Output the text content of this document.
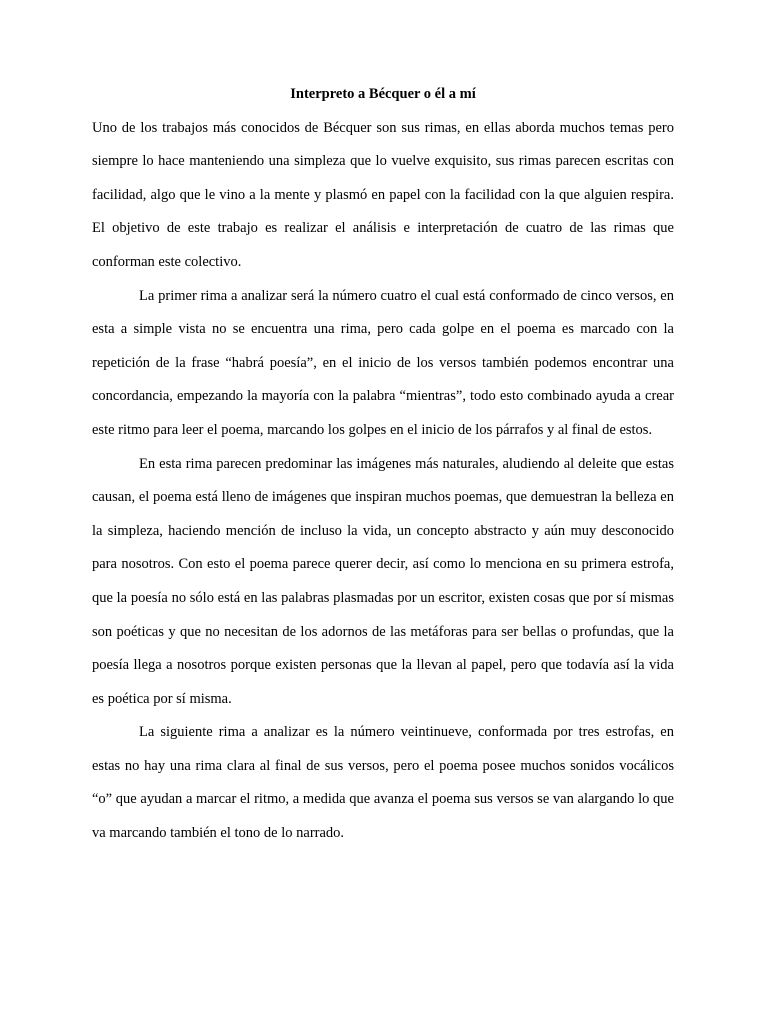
Interpreto a Bécquer o él a mí

Uno de los trabajos más conocidos de Bécquer son sus rimas, en ellas aborda muchos temas pero siempre lo hace manteniendo una simpleza que lo vuelve exquisito, sus rimas parecen escritas con facilidad, algo que le vino a la mente y plasmó en papel con la facilidad con la que alguien respira. El objetivo de este trabajo es realizar el análisis e interpretación de cuatro de las rimas que conforman este colectivo.

La primer rima a analizar será la número cuatro el cual está conformado de cinco versos, en esta a simple vista no se encuentra una rima, pero cada golpe en el poema es marcado con la repetición de la frase “habrá poesía”, en el inicio de los versos también podemos encontrar una concordancia, empezando la mayoría con la palabra “mientras”, todo esto combinado ayuda a crear este ritmo para leer el poema, marcando los golpes en el inicio de los párrafos y al final de estos.

En esta rima parecen predominar las imágenes más naturales, aludiendo al deleite que estas causan, el poema está lleno de imágenes que inspiran muchos poemas, que demuestran la belleza en la simpleza, haciendo mención de incluso la vida, un concepto abstracto y aún muy desconocido para nosotros. Con esto el poema parece querer decir, así como lo menciona en su primera estrofa, que la poesía no sólo está en las palabras plasmadas por un escritor, existen cosas que por sí mismas son poéticas y que no necesitan de los adornos de las metáforas para ser bellas o profundas, que la poesía llega a nosotros porque existen personas que la llevan al papel, pero que todavía así la vida es poética por sí misma.

La siguiente rima a analizar es la número veintinueve, conformada por tres estrofas, en estas no hay una rima clara al final de sus versos, pero el poema posee muchos sonidos vocálicos “o” que ayudan a marcar el ritmo, a medida que avanza el poema sus versos se van alargando lo que va marcando también el tono de lo narrado.
